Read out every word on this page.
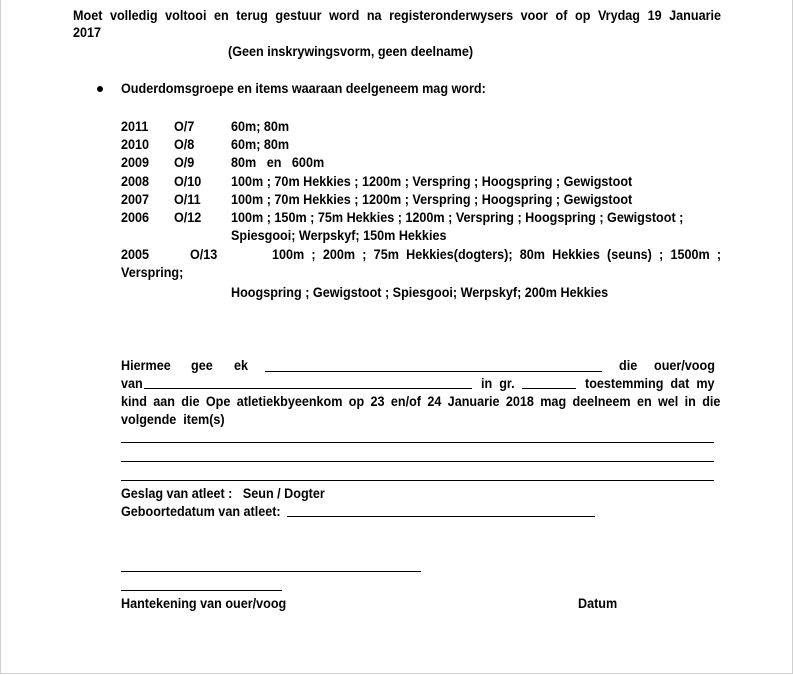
Moet volledig voltooi en terug gestuur word na registeronderwysers voor of op Vrydag 19 Januarie
2017
(Geen inskrywingsvorm, geen deelname)
Ouderdomsgroepe en items waaraan deelgeneem mag word:
2011 O/7	60m; 80m
2010 O/8	60m; 80m
2009 O/9	80m   en   600m
2008 O/10 100m ; 70m Hekkies ; 1200m ; Verspring ; Hoogspring ; Gewigstoot
2007 O/11 100m ; 70m Hekkies ; 1200m ; Verspring ; Hoogspring ; Gewigstoot
2006 O/12 100m ; 150m ; 75m Hekkies ; 1200m ; Verspring ; Hoogspring ; Gewigstoot ;
Spiesgooi; Werpskyf; 150m Hekkies
2005	O/13	100m ; 200m ; 75m Hekkies(dogters); 80m Hekkies (seuns) ; 1500m ;
Verspring;
Hoogspring ; Gewigstoot ; Spiesgooi; Werpskyf; 200m Hekkies
Hiermee gee ek	die ouer/voog
van	in  gr.	toestemming  dat  my
kind aan die Ope atletiekbyeenkom op 23 en/of 24 Januarie 2018 mag deelneem en wel in die
volgende  item(s)
Geslag van atleet :   Seun / Dogter
Geboortedatum van atleet:
Hantekening van ouer/voog	Datum
